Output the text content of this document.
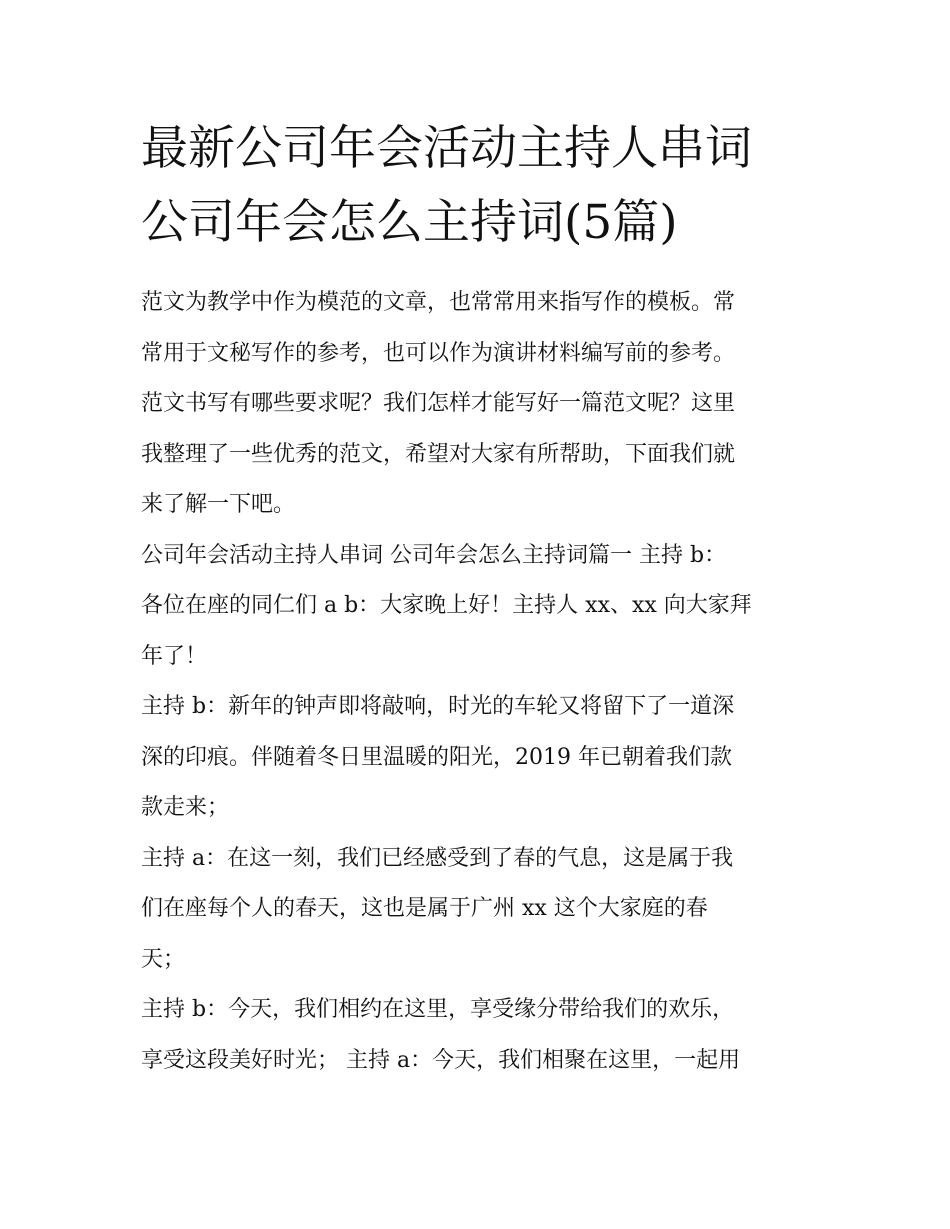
最新公司年会活动主持人串词
公司年会怎么主持词(5篇)

范文为教学中作为模范的文章，也常常用来指写作的模板。常
常用于文秘写作的参考，也可以作为演讲材料编写前的参考。
范文书写有哪些要求呢？我们怎样才能写好一篇范文呢？这里
我整理了一些优秀的范文，希望对大家有所帮助，下面我们就
来了解一下吧。

公司年会活动主持人串词 公司年会怎么主持词篇一 主持 b：
各位在座的同仁们 a b：大家晚上好！主持人 xx、xx 向大家拜
年了！

主持 b：新年的钟声即将敲响，时光的车轮又将留下了一道深
深的印痕。伴随着冬日里温暖的阳光，2019 年已朝着我们款
款走来；

主持 a：在这一刻，我们已经感受到了春的气息，这是属于我
们在座每个人的春天，这也是属于广州 xx 这个大家庭的春
天；

主持 b：今天，我们相约在这里，享受缘分带给我们的欢乐，
享受这段美好时光； 主持 a：今天，我们相聚在这里，一起用
